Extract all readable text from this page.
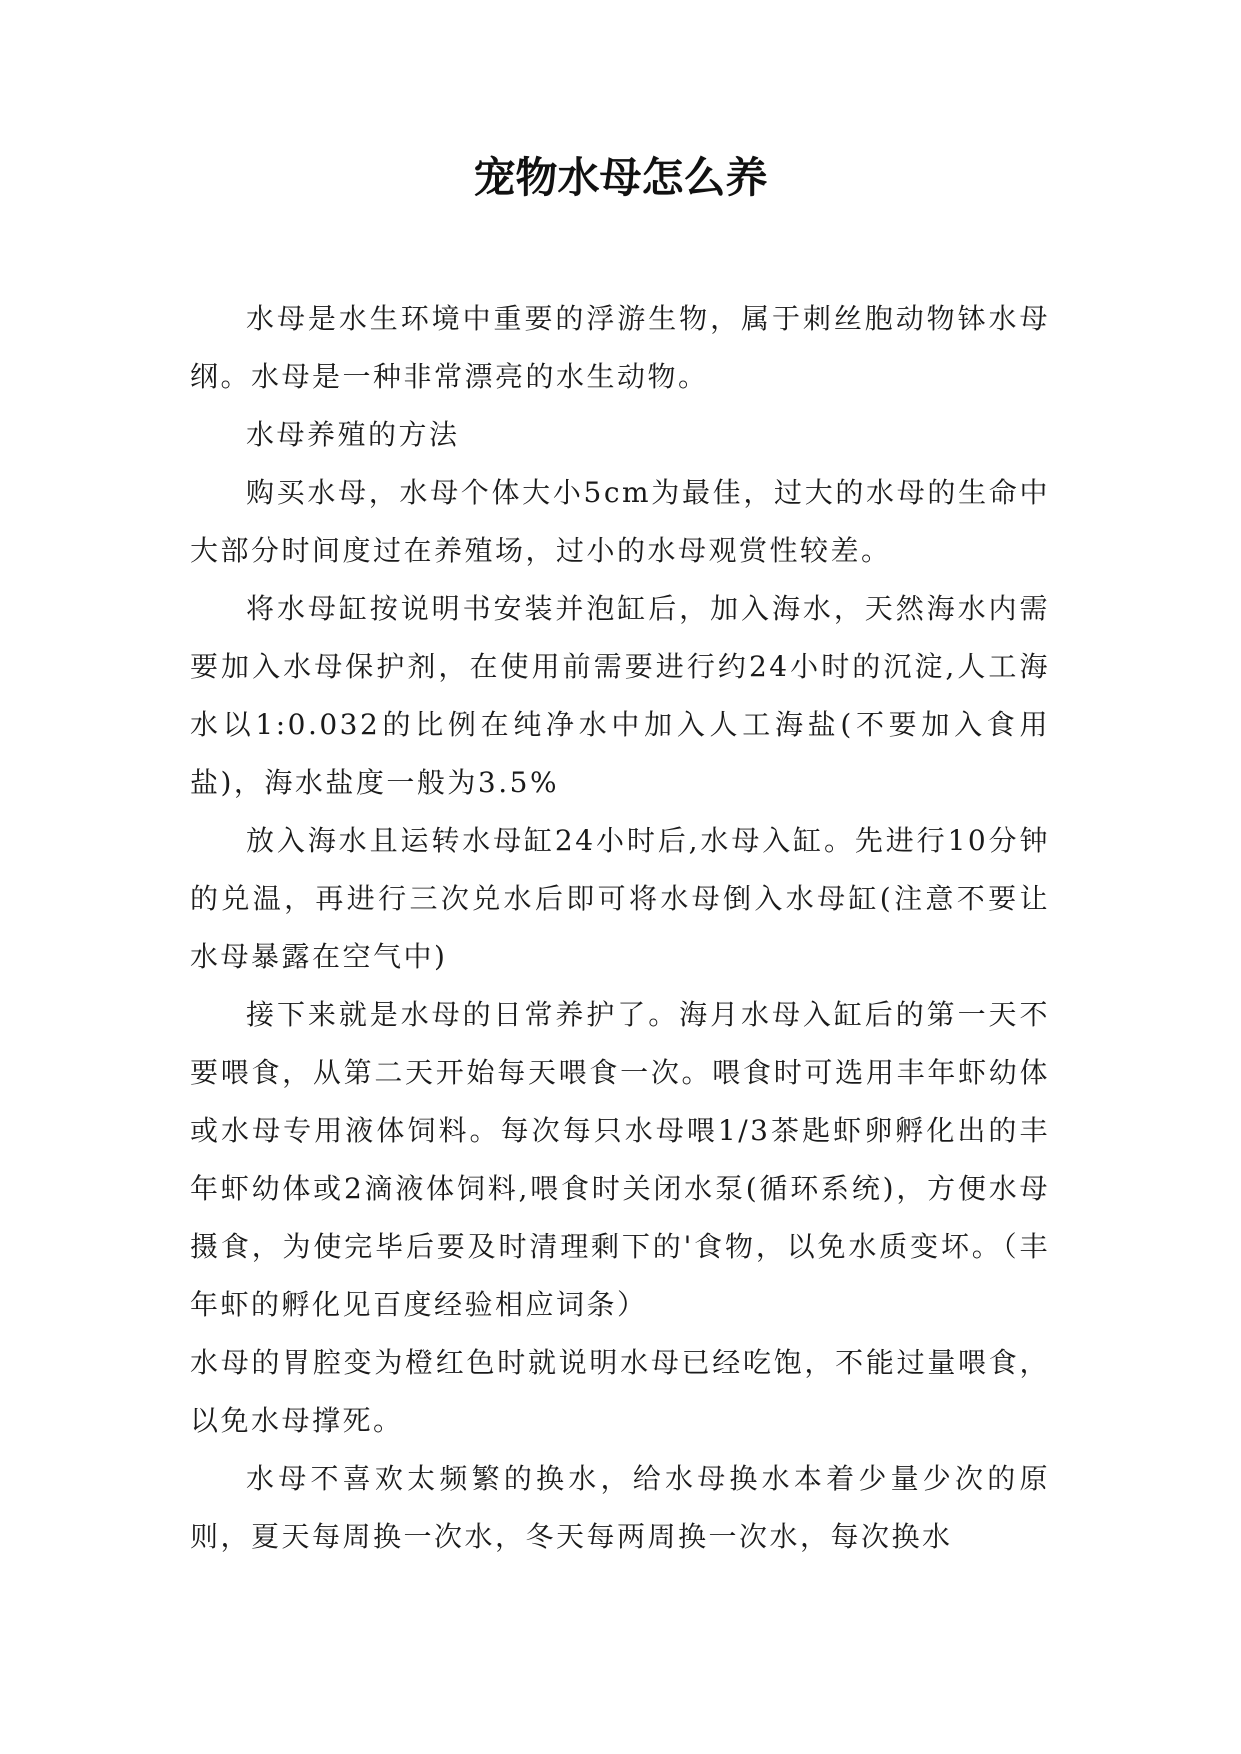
宠物水母怎么养

水母是水生环境中重要的浮游生物，属于刺丝胞动物钵水母纲。水母是一种非常漂亮的水生动物。

水母养殖的方法

购买水母，水母个体大小5cm为最佳，过大的水母的生命中大部分时间度过在养殖场，过小的水母观赏性较差。

将水母缸按说明书安装并泡缸后，加入海水，天然海水内需要加入水母保护剂，在使用前需要进行约24小时的沉淀,人工海水以1:0.032的比例在纯净水中加入人工海盐(不要加入食用盐)，海水盐度一般为3.5%

放入海水且运转水母缸24小时后,水母入缸。先进行10分钟的兑温，再进行三次兑水后即可将水母倒入水母缸(注意不要让水母暴露在空气中)

接下来就是水母的日常养护了。海月水母入缸后的第一天不要喂食，从第二天开始每天喂食一次。喂食时可选用丰年虾幼体或水母专用液体饲料。每次每只水母喂1/3茶匙虾卵孵化出的丰年虾幼体或2滴液体饲料,喂食时关闭水泵(循环系统)，方便水母摄食，为使完毕后要及时清理剩下的'食物，以免水质变坏。（丰年虾的孵化见百度经验相应词条）

水母的胃腔变为橙红色时就说明水母已经吃饱，不能过量喂食，以免水母撑死。

水母不喜欢太频繁的换水，给水母换水本着少量少次的原则，夏天每周换一次水，冬天每两周换一次水，每次换水
